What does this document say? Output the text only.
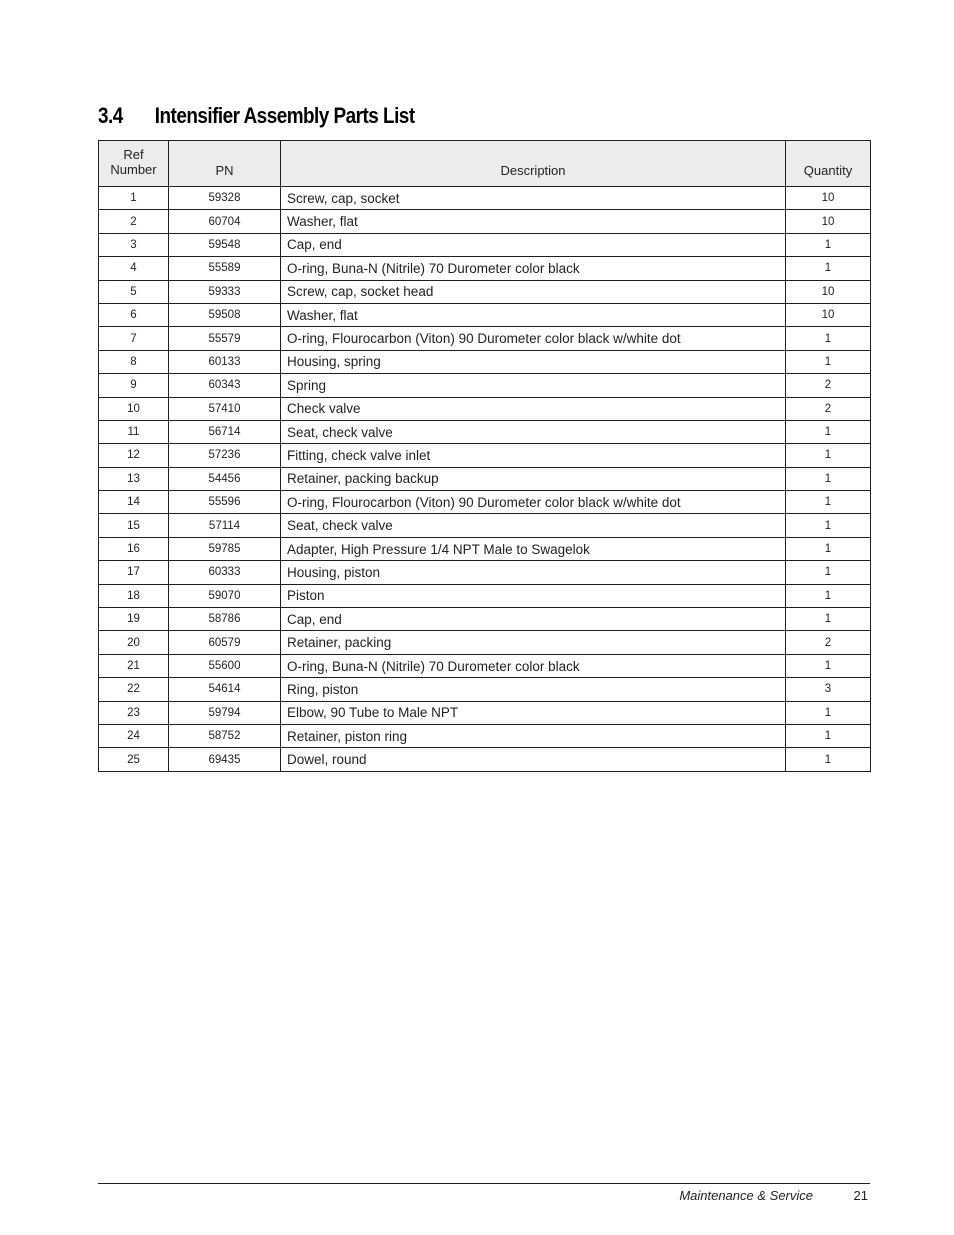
3.4 Intensifier Assembly Parts List
Ref
Number	PN	Description	Quantity
1	59328	Screw, cap, socket	10
2	60704	Washer, flat	10
3	59548	Cap, end	1
4	55589	O-ring, Buna-N (Nitrile) 70 Durometer color black	1
5	59333	Screw, cap, socket head	10
6	59508	Washer, flat	10
7	55579	O-ring, Flourocarbon (Viton) 90 Durometer color black w/white dot	1
8	60133	Housing, spring	1
9	60343	Spring	2
10	57410	Check valve	2
11	56714	Seat, check valve	1
12	57236	Fitting, check valve inlet	1
13	54456	Retainer, packing backup	1
14	55596	O-ring, Flourocarbon (Viton) 90 Durometer color black w/white dot	1
15	57114	Seat, check valve	1
16	59785	Adapter, High Pressure 1/4 NPT Male to Swagelok	1
17	60333	Housing, piston	1
18	59070	Piston	1
19	58786	Cap, end	1
20	60579	Retainer, packing	2
21	55600	O-ring, Buna-N (Nitrile) 70 Durometer color black	1
22	54614	Ring, piston	3
23	59794	Elbow, 90 Tube to Male NPT	1
24	58752	Retainer, piston ring	1
25	69435	Dowel, round	1
Maintenance & Service	21
